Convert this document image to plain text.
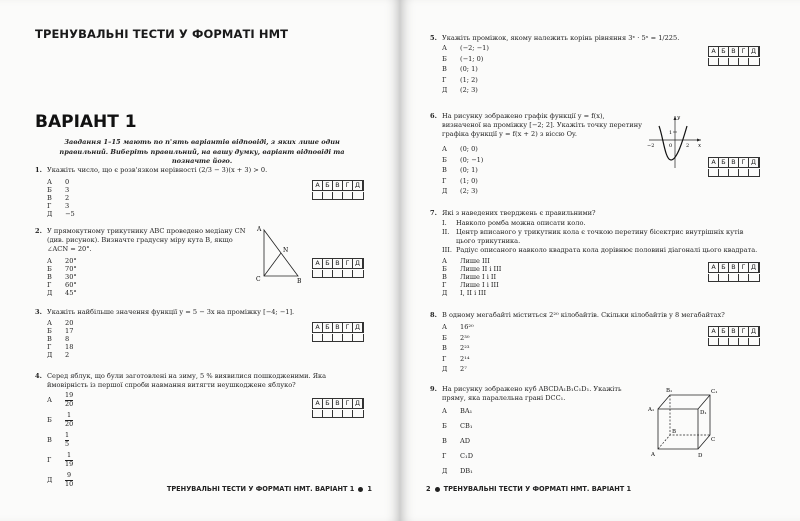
ТРЕНУВАЛЬНІ ТЕСТИ У ФОРМАТІ НМТ
ВАРІАНТ 1
Завдання 1–15 мають по п'ять варіантів відповіді, з яких лише один правильний. Виберіть правильний, на вашу думку, варіант відповіді та позначте його.
1. Укажіть число, що є розв'язком нерівності (2/3 − 3)(x + 3) > 0.
А	0
Б	3
В	2
Г	3
Д	−5
А Б В Г Д
2. У прямокутному трикутнику ABC проведено медіану CN (див. рисунок). Визначте градусну міру кута B, якщо ∠ACN = 20°.
А	20°
Б	70°
В	30°
Г	60°
Д	45°
A
N
C	B
А Б В Г Д
3. Укажіть найбільше значення функції y = 5 − 3x на проміжку [−4; −1].
А	20
Б	17
В	8
Г	18
Д	2
А Б В Г Д
4. Серед яблук, що були заготовлені на зиму, 5 % виявилися пошкодженими. Яка ймовірність із першої спроби навмання витягти неушкоджене яблуко?
А	$\frac{19}{20}$
Б	$\frac{1}{20}$
В	$\frac{1}{5}$
Г	$\frac{1}{19}$
Д	$\frac{9}{10}$
А Б В Г Д
ТРЕНУВАЛЬНІ ТЕСТИ У ФОРМАТІ НМТ. ВАРІАНТ 1 1
5. Укажіть проміжок, якому належить корінь рівняння 3ˣ · 5ˣ = 1/225.
А	(−2; −1)
Б	(−1; 0)
В	(0; 1)
Г	(1; 2)
Д	(2; 3)
А Б В Г Д
6. На рисунку зображено графік функції y = f(x), визначеної на проміжку [−2; 2]. Укажіть точку перетину графіка функції y = f(x + 2) з віссю Oy.
А	(0; 0)
Б	(0; −1)
В	(0; 1)
Г	(1; 0)
Д	(2; 3)
y
x
1
−2	0	2
А Б В Г Д
7. Які з наведених тверджень є правильними?
I.	Навколо ромба можна описати коло.
II.	Центр вписаного у трикутник кола є точкою перетину бісектрис внутрішніх кутів цього трикутника.
III. Радіус описаного навколо квадрата кола дорівнює половині діагоналі цього квадрата.
А	Лише III
Б	Лише II і III
В	Лише I і II
Г	Лише I і III
Д	I, II і III
А Б В Г Д
8. В одному мегабайті міститься 2²⁰ кілобайтів. Скільки кілобайтів у 8 мегабайтах?
А	16²⁰
Б	2³⁰
В	2²³
Г	2¹⁴
Д	2⁷
А Б В Г Д
9. На рисунку зображено куб ABCDA₁B₁C₁D₁. Укажіть пряму, яка паралельна грані DCC₁.
А	BA₁
Б	CB₁
В	AD
Г	C₁D
Д	DB₁
B₁	C₁
A₁	D₁
B
C
A	D
2 ТРЕНУВАЛЬНІ ТЕСТИ У ФОРМАТІ НМТ. ВАРІАНТ 1
